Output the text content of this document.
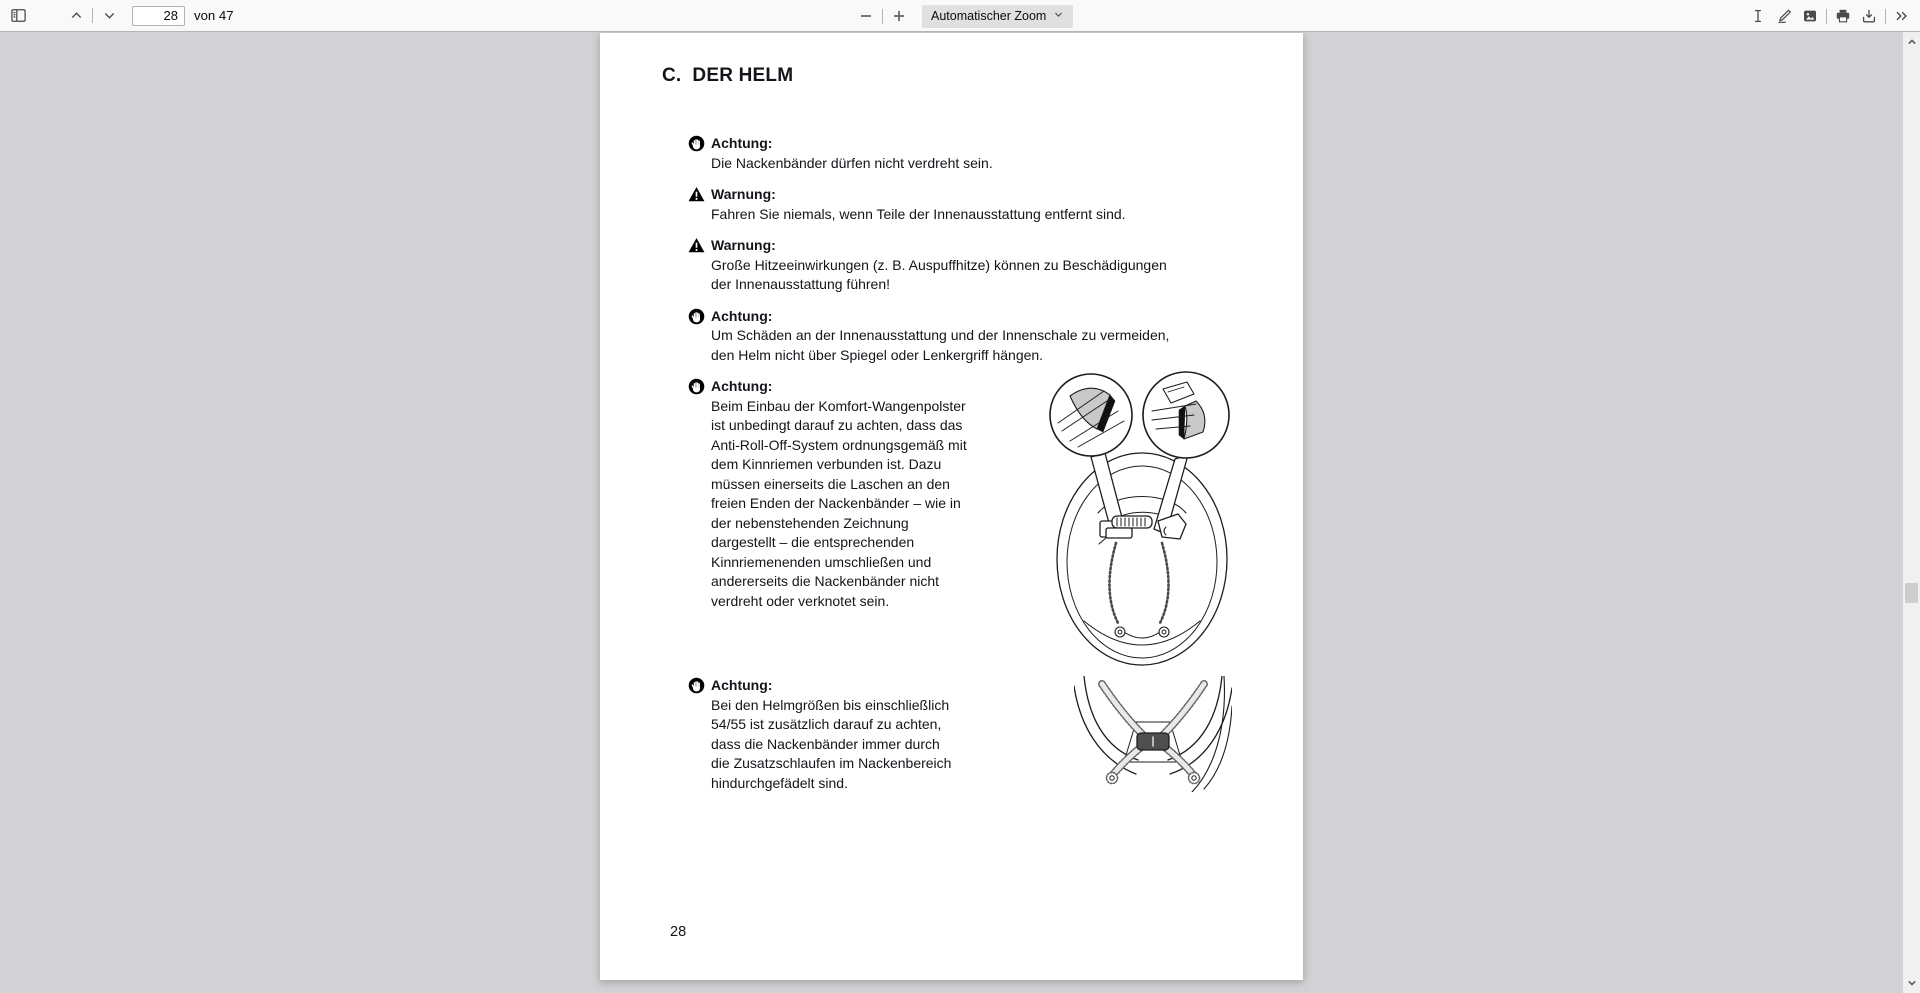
28
von 47	Automatischer Zoom
C. DER HELM
Achtung:
Die Nackenbänder dürfen nicht verdreht sein.
Warnung:
Fahren Sie niemals, wenn Teile der Innenausstattung entfernt sind.
Warnung:
Große Hitzeeinwirkungen (z. B. Auspuffhitze) können zu Beschädigungen
der Innenausstattung führen!
Achtung:
Um Schäden an der Innenausstattung und der Innenschale zu vermeiden,
den Helm nicht über Spiegel oder Lenkergriff hängen.
Achtung:
Beim Einbau der Komfort-Wangenpolster
ist unbedingt darauf zu achten, dass das
Anti-Roll-Off-System ordnungsgemäß mit
dem Kinnriemen verbunden ist. Dazu
müssen einerseits die Laschen an den
freien Enden der Nackenbänder – wie in
der nebenstehenden Zeichnung
dargestellt – die entsprechenden
Kinnriemenenden umschließen und
andererseits die Nackenbänder nicht
verdreht oder verknotet sein.
Achtung:
Bei den Helmgrößen bis einschließlich
54/55 ist zusätzlich darauf zu achten,
dass die Nackenbänder immer durch
die Zusatzschlaufen im Nackenbereich
hindurchgefädelt sind.
28
